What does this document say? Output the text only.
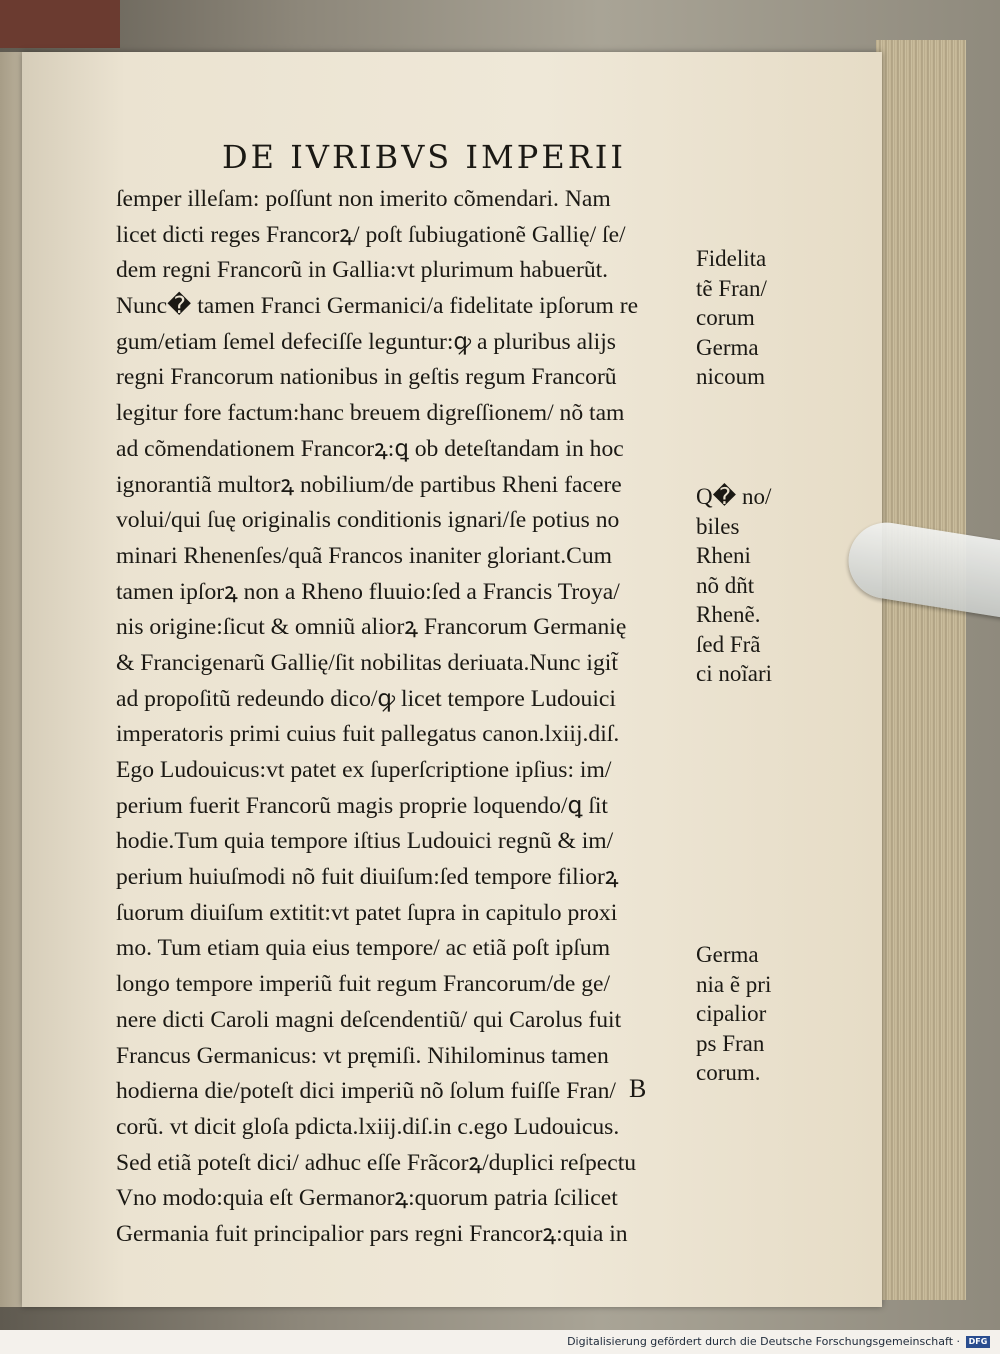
DE IVRIBVS IMPERII
ſemper illeſam: poſſunt non imerito cõmendari. Nam
licet dicti reges Francorꝝ/ poſt ſubiugationẽ Gallię/ ſe/
dem regni Francorũ in Gallia:vt plurimum habuerũt.
Nunc� tamen Franci Germanici/a fidelitate ipſorum re
gum/etiam ſemel defeciſſe leguntur:ꝙ a pluribus alijs
regni Francorum nationibus in geſtis regum Francorũ
legitur fore factum:hanc breuem digreſſionem/ nõ tam
ad cõmendationem Francorꝝ:ꝗ ob deteſtandam in hoc
ignorantiã multorꝝ nobilium/de partibus Rheni facere
volui/qui ſuę originalis conditionis ignari/ſe potius no
minari Rhenenſes/quã Francos inaniter gloriant.Cum
tamen ipſorꝝ non a Rheno fluuio:ſed a Francis Troya/
nis origine:ſicut & omniũ aliorꝝ Francorum Germanię
& Francigenarũ Gallię/ſit nobilitas deriuata.Nunc igit̃
ad propoſitũ redeundo dico/ꝙ licet tempore Ludouici
imperatoris primi cuius fuit pallegatus canon.lxiij.diſ.
Ego Ludouicus:vt patet ex ſuperſcriptione ipſius: im/
perium fuerit Francorũ magis proprie loquendo/ꝗ ſit
hodie.Tum quia tempore iſtius Ludouici regnũ & im/
perium huiuſmodi nõ fuit diuiſum:ſed tempore filiorꝝ
ſuorum diuiſum extitit:vt patet ſupra in capitulo proxi
mo. Tum etiam quia eius tempore/ ac etiã poſt ipſum
longo tempore imperiũ fuit regum Francorum/de ge/
nere dicti Caroli magni deſcendentiũ/ qui Carolus fuit
Francus Germanicus: vt pręmiſi. Nihilominus tamen
hodierna die/poteſt dici imperiũ nõ ſolum fuiſſe Fran/
corũ. vt dicit gloſa pdicta.lxiij.diſ.in c.ego Ludouicus.
Sed etiã poteſt dici/ adhuc eſſe Frãcorꝝ/duplici reſpectu
Vno modo:quia eſt Germanorꝝ:quorum patria ſcilicet
Germania fuit principalior pars regni Francorꝝ:quia in
Fidelita
tẽ Fran/
corum
Germa
nicoum
Q� no/
biles
Rheni
nõ dñt
Rhenẽ.
ſed Frã
ci noĩari
Germa
nia ẽ pri
cipalior
ps Fran
corum.
B
Digitalisierung gefördert durch die Deutsche Forschungsgemeinschaft ·	DFG
